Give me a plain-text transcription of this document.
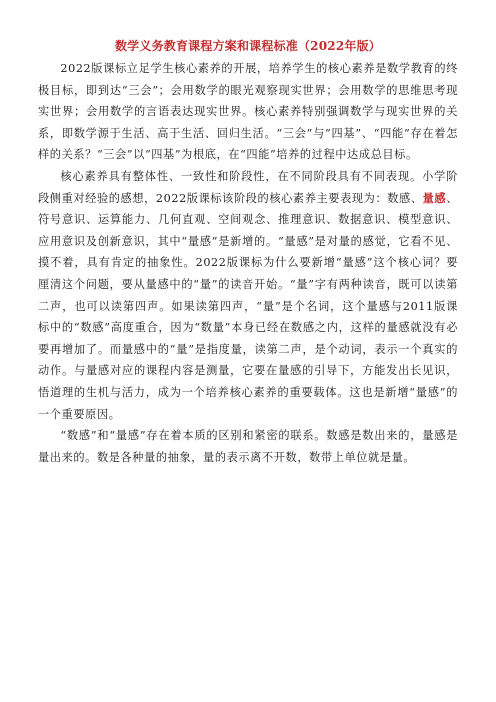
数学义务教育课程方案和课程标准（2022年版）

2022版课标立足学生核心素养的开展，培养学生的核心素养是数学教育的终极目标，即到达“三会”；会用数学的眼光观察现实世界；会用数学的思维思考现实世界；会用数学的言语表达现实世界。核心素养特别强调数学与现实世界的关系，即数学源于生活、高于生活、回归生活。“三会”与“四基”、“四能”存在着怎样的关系？“三会”以“四基”为根底，在“四能”培养的过程中达成总目标。

核心素养具有整体性、一致性和阶段性，在不同阶段具有不同表现。小学阶段侧重对经验的感想，2022版课标该阶段的核心素养主要表现为：数感、量感、符号意识、运算能力、几何直观、空间观念、推理意识、数据意识、模型意识、应用意识及创新意识，其中“量感”是新增的。“量感”是对量的感觉，它看不见、摸不着，具有肯定的抽象性。2022版课标为什么要新增“量感”这个核心词？要厘清这个问题，要从量感中的“量”的读音开始。“量”字有两种读音，既可以读第二声，也可以读第四声。如果读第四声，“量”是个名词，这个量感与2011版课标中的“数感”高度重合，因为“数量”本身已经在数感之内，这样的量感就没有必要再增加了。而量感中的“量”是指度量，读第二声，是个动词，表示一个真实的动作。与量感对应的课程内容是测量，它要在量感的引导下，方能发出长见识，悟道理的生机与活力，成为一个培养核心素养的重要载体。这也是新增“量感”的一个重要原因。

“数感”和“量感”存在着本质的区别和紧密的联系。数感是数出来的，量感是量出来的。数是各种量的抽象，量的表示离不开数，数带上单位就是量。
